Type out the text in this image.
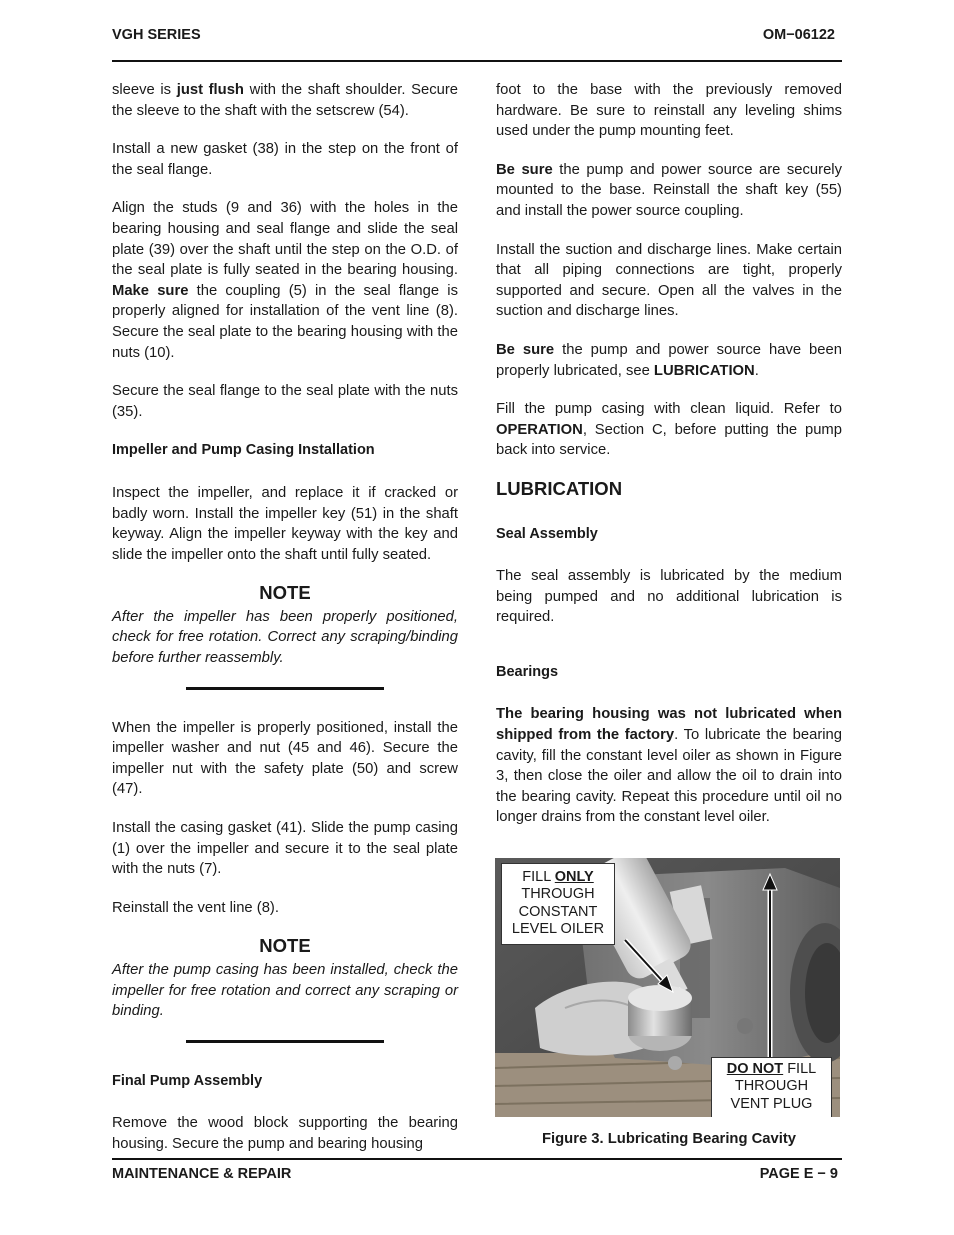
VGH SERIES	OM−06122

sleeve is just flush with the shaft shoulder. Secure the sleeve to the shaft with the setscrew (54).

Install a new gasket (38) in the step on the front of the seal flange.

Align the studs (9 and 36) with the holes in the bearing housing and seal flange and slide the seal plate (39) over the shaft until the step on the O.D. of the seal plate is fully seated in the bearing housing. Make sure the coupling (5) in the seal flange is properly aligned for installation of the vent line (8). Secure the seal plate to the bearing housing with the nuts (10).

Secure the seal flange to the seal plate with the nuts (35).

Impeller and Pump Casing Installation

Inspect the impeller, and replace it if cracked or badly worn. Install the impeller key (51) in the shaft keyway. Align the impeller keyway with the key and slide the impeller onto the shaft until fully seated.

NOTE

After the impeller has been properly positioned, check for free rotation. Correct any scraping/binding before further reassembly.

When the impeller is properly positioned, install the impeller washer and nut (45 and 46). Secure the impeller nut with the safety plate (50) and screw (47).

Install the casing gasket (41). Slide the pump casing (1) over the impeller and secure it to the seal plate with the nuts (7).

Reinstall the vent line (8).

NOTE

After the pump casing has been installed, check the impeller for free rotation and correct any scraping or binding.

Final Pump Assembly

Remove the wood block supporting the bearing housing. Secure the pump and bearing housing

foot to the base with the previously removed hardware. Be sure to reinstall any leveling shims used under the pump mounting feet.

Be sure the pump and power source are securely mounted to the base. Reinstall the shaft key (55) and install the power source coupling.

Install the suction and discharge lines. Make certain that all piping connections are tight, properly supported and secure. Open all the valves in the suction and discharge lines.

Be sure the pump and power source have been properly lubricated, see LUBRICATION.

Fill the pump casing with clean liquid. Refer to OPERATION, Section C, before putting the pump back into service.

LUBRICATION
Seal Assembly

The seal assembly is lubricated by the medium being pumped and no additional lubrication is required.

Bearings

The bearing housing was not lubricated when shipped from the factory. To lubricate the bearing cavity, fill the constant level oiler as shown in Figure 3, then close the oiler and allow the oil to drain into the bearing cavity. Repeat this procedure until oil no longer drains from the constant level oiler.

FILL ONLY
THROUGH
CONSTANT
LEVEL OILER
DO NOT FILL
THROUGH
VENT PLUG
Figure 3. Lubricating Bearing Cavity
MAINTENANCE & REPAIR	PAGE E − 9
